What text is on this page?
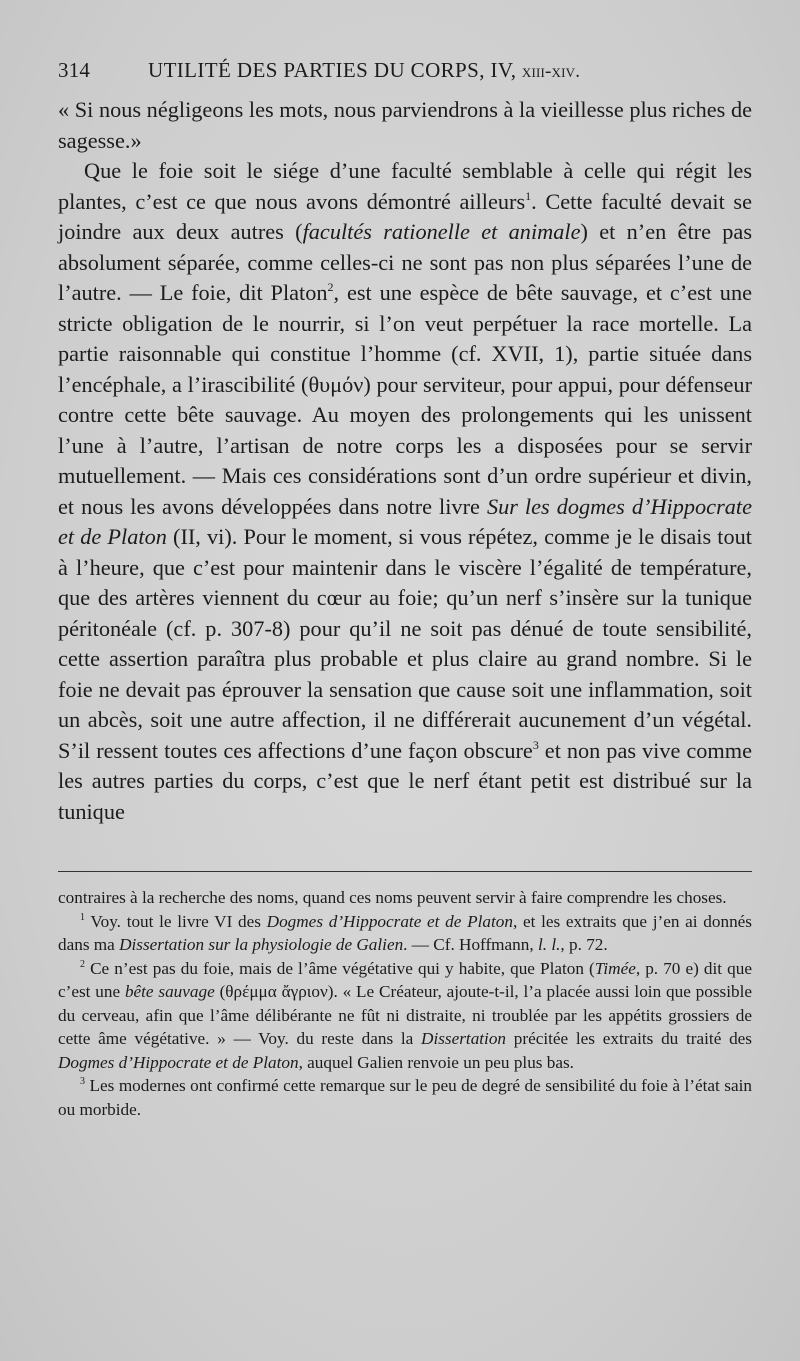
314	UTILITÉ DES PARTIES DU CORPS, IV, xiii-xiv.

« Si nous négligeons les mots, nous parviendrons à la vieillesse plus riches de sagesse.»

Que le foie soit le siége d’une faculté semblable à celle qui régit les plantes, c’est ce que nous avons démontré ailleurs$^1$. Cette faculté devait se joindre aux deux autres (facultés rationelle et animale) et n’en être pas absolument séparée, comme celles-ci ne sont pas non plus séparées l’une de l’autre. — Le foie, dit Platon$^2$, est une espèce de bête sauvage, et c’est une stricte obligation de le nourrir, si l’on veut perpétuer la race mortelle. La partie raisonnable qui constitue l’homme (cf. XVII, 1), partie située dans l’encéphale, a l’irascibilité (θυμόν) pour serviteur, pour appui, pour défenseur contre cette bête sauvage. Au moyen des prolongements qui les unissent l’une à l’autre, l’artisan de notre corps les a disposées pour se servir mutuellement. — Mais ces considérations sont d’un ordre supérieur et divin, et nous les avons développées dans notre livre Sur les dogmes d’Hippocrate et de Platon (II, vi). Pour le moment, si vous répétez, comme je le disais tout à l’heure, que c’est pour maintenir dans le viscère l’égalité de température, que des artères viennent du cœur au foie; qu’un nerf s’insère sur la tunique péritonéale (cf. p. 307-8) pour qu’il ne soit pas dénué de toute sensibilité, cette assertion paraîtra plus probable et plus claire au grand nombre. Si le foie ne devait pas éprouver la sensation que cause soit une inflammation, soit un abcès, soit une autre affection, il ne différerait aucunement d’un végétal. S’il ressent toutes ces affections d’une façon obscure$^3$ et non pas vive comme les autres parties du corps, c’est que le nerf étant petit est distribué sur la tunique

contraires à la recherche des noms, quand ces noms peuvent servir à faire comprendre les choses.

$^1$ Voy. tout le livre VI des Dogmes d’Hippocrate et de Platon, et les extraits que j’en ai donnés dans ma Dissertation sur la physiologie de Galien. — Cf. Hoffmann, l. l., p. 72.

$^2$ Ce n’est pas du foie, mais de l’âme végétative qui y habite, que Platon (Timée, p. 70 e) dit que c’est une bête sauvage (θρέμμα ἄγριον). « Le Créateur, ajoute-t-il, l’a placée aussi loin que possible du cerveau, afin que l’âme délibérante ne fût ni distraite, ni troublée par les appétits grossiers de cette âme végétative. » — Voy. du reste dans la Dissertation précitée les extraits du traité des Dogmes d’Hippocrate et de Platon, auquel Galien renvoie un peu plus bas.

$^3$ Les modernes ont confirmé cette remarque sur le peu de degré de sensibilité du foie à l’état sain ou morbide.
